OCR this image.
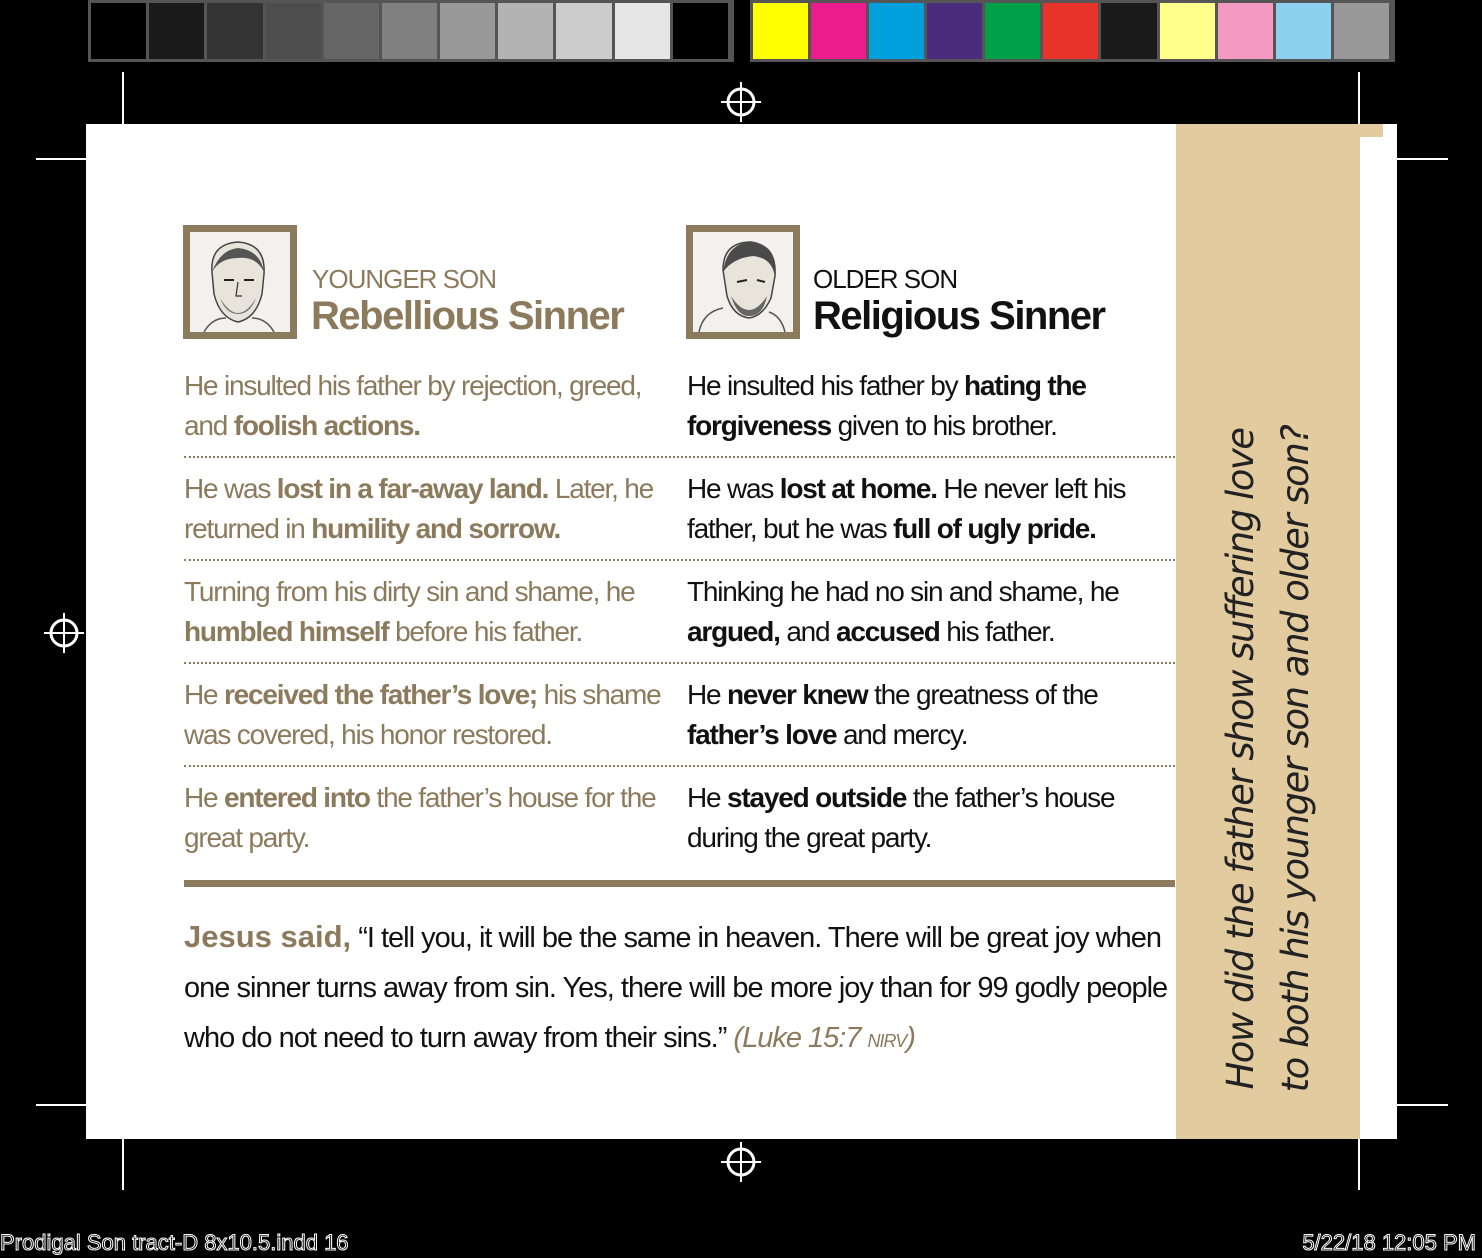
YOUNGER SON
Rebellious Sinner
OLDER SON
Religious Sinner
He insulted his father by rejection, greed, and foolish actions.
He insulted his father by hating the forgiveness given to his brother.
He was lost in a far-away land. Later, he returned in humility and sorrow.
He was lost at home. He never left his father, but he was full of ugly pride.
Turning from his dirty sin and shame, he humbled himself before his father.
Thinking he had no sin and shame, he argued, and accused his father.
He received the father’s love; his shame was covered, his honor restored.
He never knew the greatness of the father’s love and mercy.
He entered into the father’s house for the great party.
He stayed outside the father’s house during the great party.
Jesus said, “I tell you, it will be the same in heaven. There will be great joy when one sinner turns away from sin. Yes, there will be more joy than for 99 godly people who do not need to turn away from their sins.” (Luke 15:7 NIRV)	How did the father show suffering love to both his younger son and older son?
Prodigal Son tract-D 8x10.5.indd 16	5/22/18 12:05 PM
